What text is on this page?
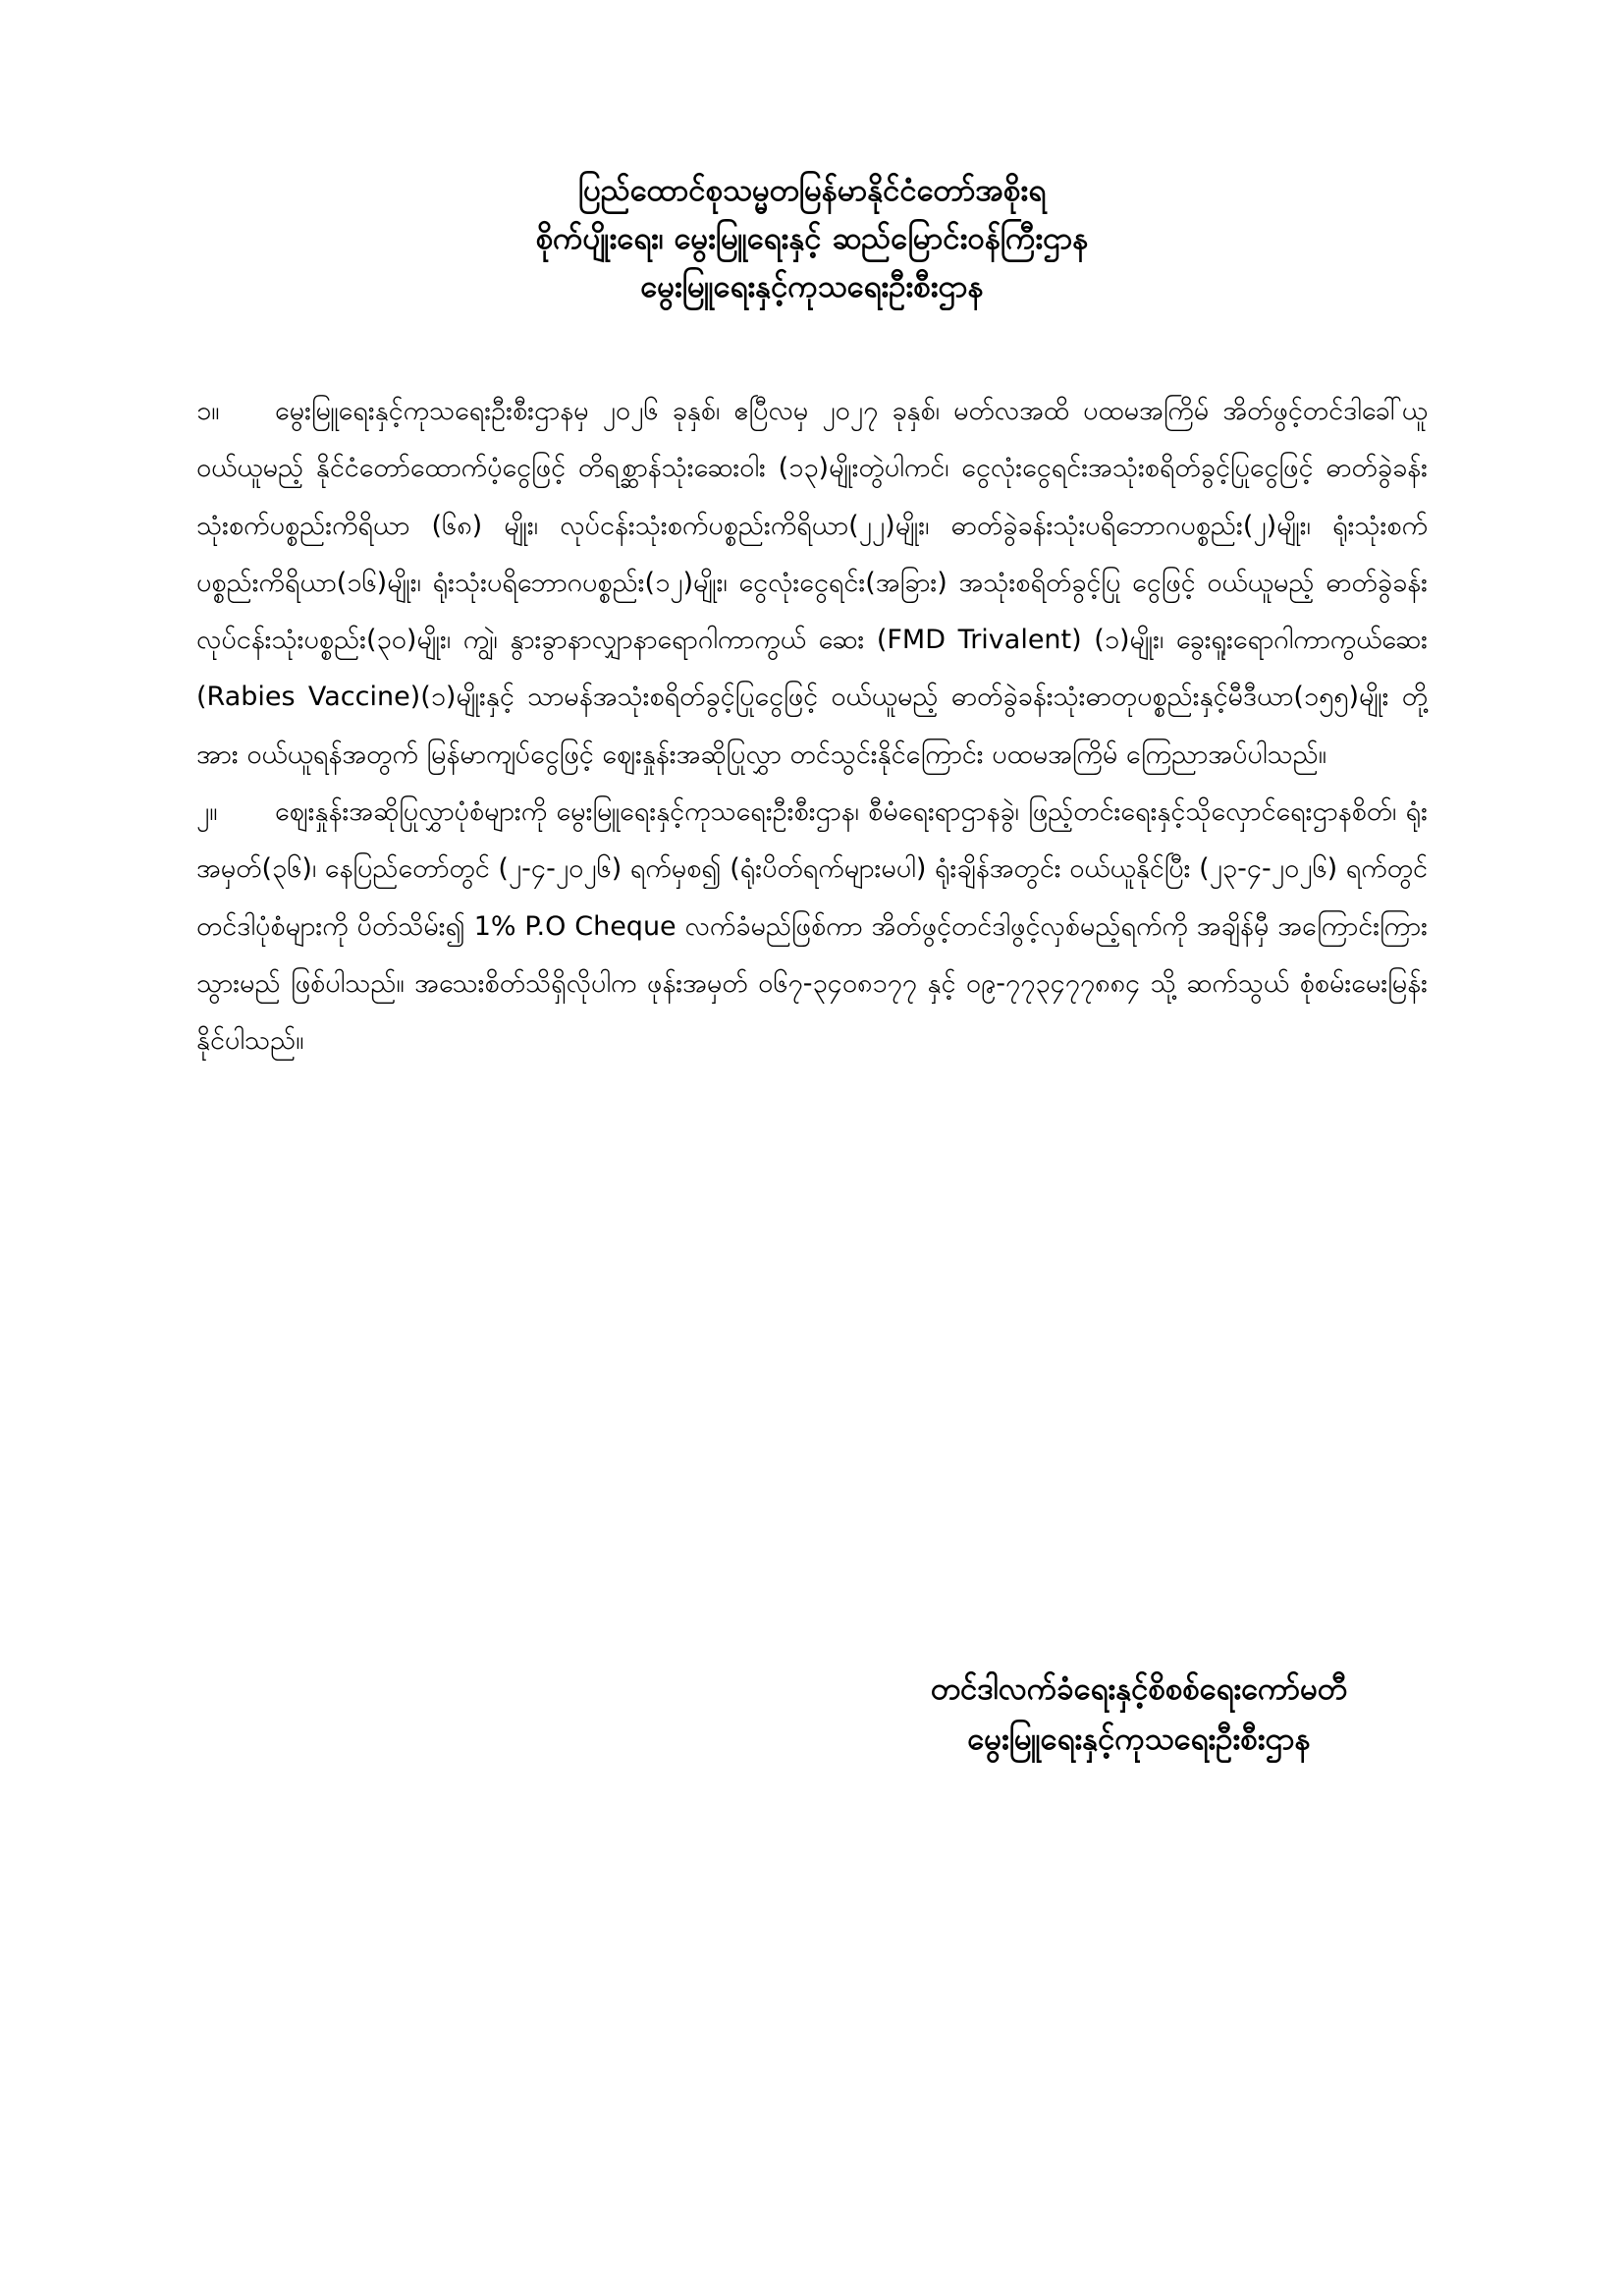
ပြည်ထောင်စုသမ္မတမြန်မာနိုင်ငံတော်အစိုးရ
စိုက်ပျိုးရေး၊ မွေးမြူရေးနှင့် ဆည်မြောင်းဝန်ကြီးဌာန
မွေးမြူရေးနှင့်ကုသရေးဦးစီးဌာန

၁။ မွေးမြူရေးနှင့်ကုသရေးဦးစီးဌာနမှ ၂၀၂၆ ခုနှစ်၊ ဧပြီလမှ ၂၀၂၇ ခုနှစ်၊ မတ်လအထိ ပထမအကြိမ် အိတ်ဖွင့်တင်ဒါခေါ်ယူ ဝယ်ယူမည့် နိုင်ငံတော်ထောက်ပံ့ငွေဖြင့် တိရစ္ဆာန်သုံးဆေးဝါး (၁၃)မျိုးတွဲပါကင်၊ ငွေလုံးငွေရင်းအသုံးစရိတ်ခွင့်ပြုငွေဖြင့် ဓာတ်ခွဲခန်းသုံးစက်ပစ္စည်းကိရိယာ (၆၈) မျိုး၊ လုပ်ငန်းသုံးစက်ပစ္စည်းကိရိယာ(၂၂)မျိုး၊ ဓာတ်ခွဲခန်းသုံးပရိဘောဂပစ္စည်း(၂)မျိုး၊ ရုံးသုံးစက် ပစ္စည်းကိရိယာ(၁၆)မျိုး၊ ရုံးသုံးပရိဘောဂပစ္စည်း(၁၂)မျိုး၊ ငွေလုံးငွေရင်း(အခြား) အသုံးစရိတ်ခွင့်ပြု ငွေဖြင့် ဝယ်ယူမည့် ဓာတ်ခွဲခန်းလုပ်ငန်းသုံးပစ္စည်း(၃၀)မျိုး၊ ကျွဲ၊ နွားခွာနာလျှာနာရောဂါကာကွယ် ဆေး (FMD Trivalent) (၁)မျိုး၊ ခွေးရူးရောဂါကာကွယ်ဆေး (Rabies Vaccine)(၁)မျိုးနှင့် သာမန်အသုံးစရိတ်ခွင့်ပြုငွေဖြင့် ဝယ်ယူမည့် ဓာတ်ခွဲခန်းသုံးဓာတုပစ္စည်းနှင့်မီဒီယာ(၁၅၅)မျိုး တို့အား ဝယ်ယူရန်အတွက် မြန်မာကျပ်ငွေဖြင့် ဈေးနှုန်းအဆိုပြုလွှာ တင်သွင်းနိုင်ကြောင်း ပထမအကြိမ် ကြေညာအပ်ပါသည်။

၂။ ဈေးနှုန်းအဆိုပြုလွှာပုံစံများကို မွေးမြူရေးနှင့်ကုသရေးဦးစီးဌာန၊ စီမံရေးရာဌာနခွဲ၊ ဖြည့်တင်းရေးနှင့်သိုလှောင်ရေးဌာနစိတ်၊ ရုံးအမှတ်(၃၆)၊ နေပြည်တော်တွင် (၂-၄-၂၀၂၆) ရက်မှစ၍ (ရုံးပိတ်ရက်များမပါ) ရုံးချိန်အတွင်း ဝယ်ယူနိုင်ပြီး (၂၃-၄-၂၀၂၆) ရက်တွင် တင်ဒါပုံစံများကို ပိတ်သိမ်း၍ 1% P.O Cheque လက်ခံမည်ဖြစ်ကာ အိတ်ဖွင့်တင်ဒါဖွင့်လှစ်မည့်ရက်ကို အချိန်မှီ အကြောင်းကြားသွားမည် ဖြစ်ပါသည်။ အသေးစိတ်သိရှိလိုပါက ဖုန်းအမှတ် ၀၆၇-၃၄၀၈၁၇၇ နှင့် ၀၉-၇၇၃၄၇၇၈၈၄ သို့ ဆက်သွယ် စုံစမ်းမေးမြန်းနိုင်ပါသည်။

တင်ဒါလက်ခံရေးနှင့်စိစစ်ရေးကော်မတီ
မွေးမြူရေးနှင့်ကုသရေးဦးစီးဌာန
